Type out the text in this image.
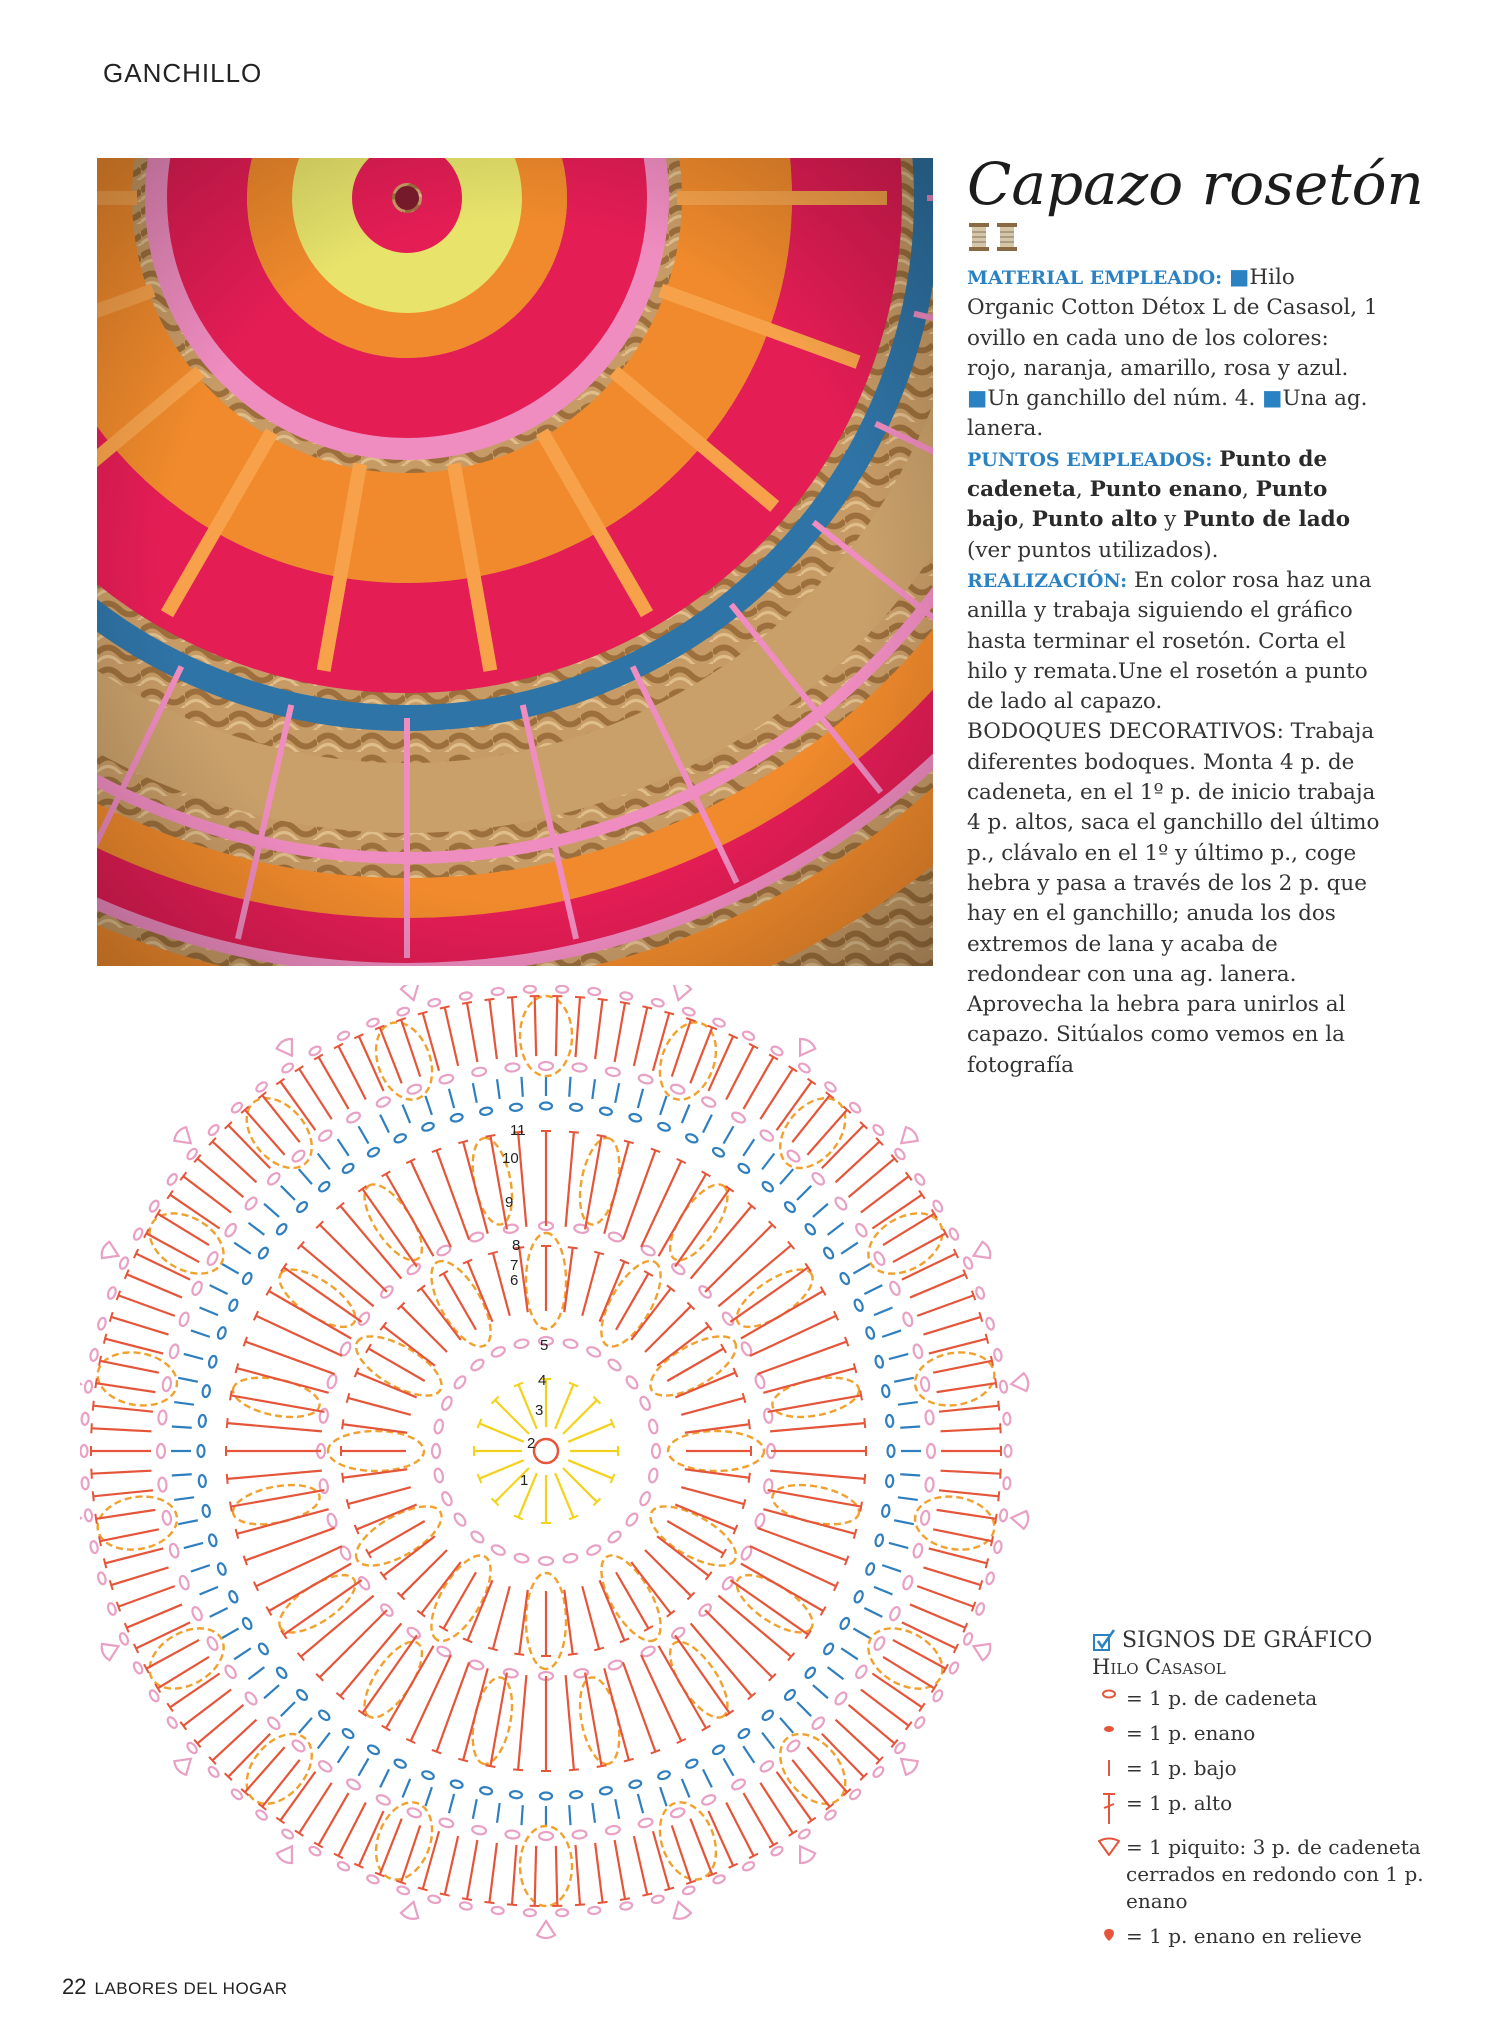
GANCHILLO
Capazo rosetón

MATERIAL EMPLEADO: ■Hilo Organic Cotton Détox L de Casasol, 1 ovillo en cada uno de los colores: rojo, naranja, amarillo, rosa y azul. ■Un ganchillo del núm. 4. ■Una ag. lanera.

PUNTOS EMPLEADOS: Punto de cadeneta, Punto enano, Punto bajo, Punto alto y Punto de lado (ver puntos utilizados).

REALIZACIÓN: En color rosa haz una anilla y trabaja siguiendo el gráfico hasta terminar el rosetón. Corta el hilo y remata.Une el rosetón a punto de lado al capazo.

BODOQUES DECORATIVOS: Trabaja diferentes bodoques. Monta 4 p. de cadeneta, en el 1º p. de inicio trabaja 4 p. altos, saca el ganchillo del último p., clávalo en el 1º y último p., coge hebra y pasa a través de los 2 p. que hay en el ganchillo; anuda los dos extremos de lana y acaba de redondear con una ag. lanera. Aprovecha la hebra para unirlos al capazo. Sitúalos como vemos en la fotografía

1
2
3
4
5
6
7
8
9
10
11
SIGNOS DE GRÁFICO
Hilo Casasol
= 1 p. de cadeneta
= 1 p. enano
= 1 p. bajo
= 1 p. alto
= 1 piquito: 3 p. de cadeneta cerrados en redondo con 1 p. enano
= 1 p. enano en relieve
22 LABORES DEL HOGAR
